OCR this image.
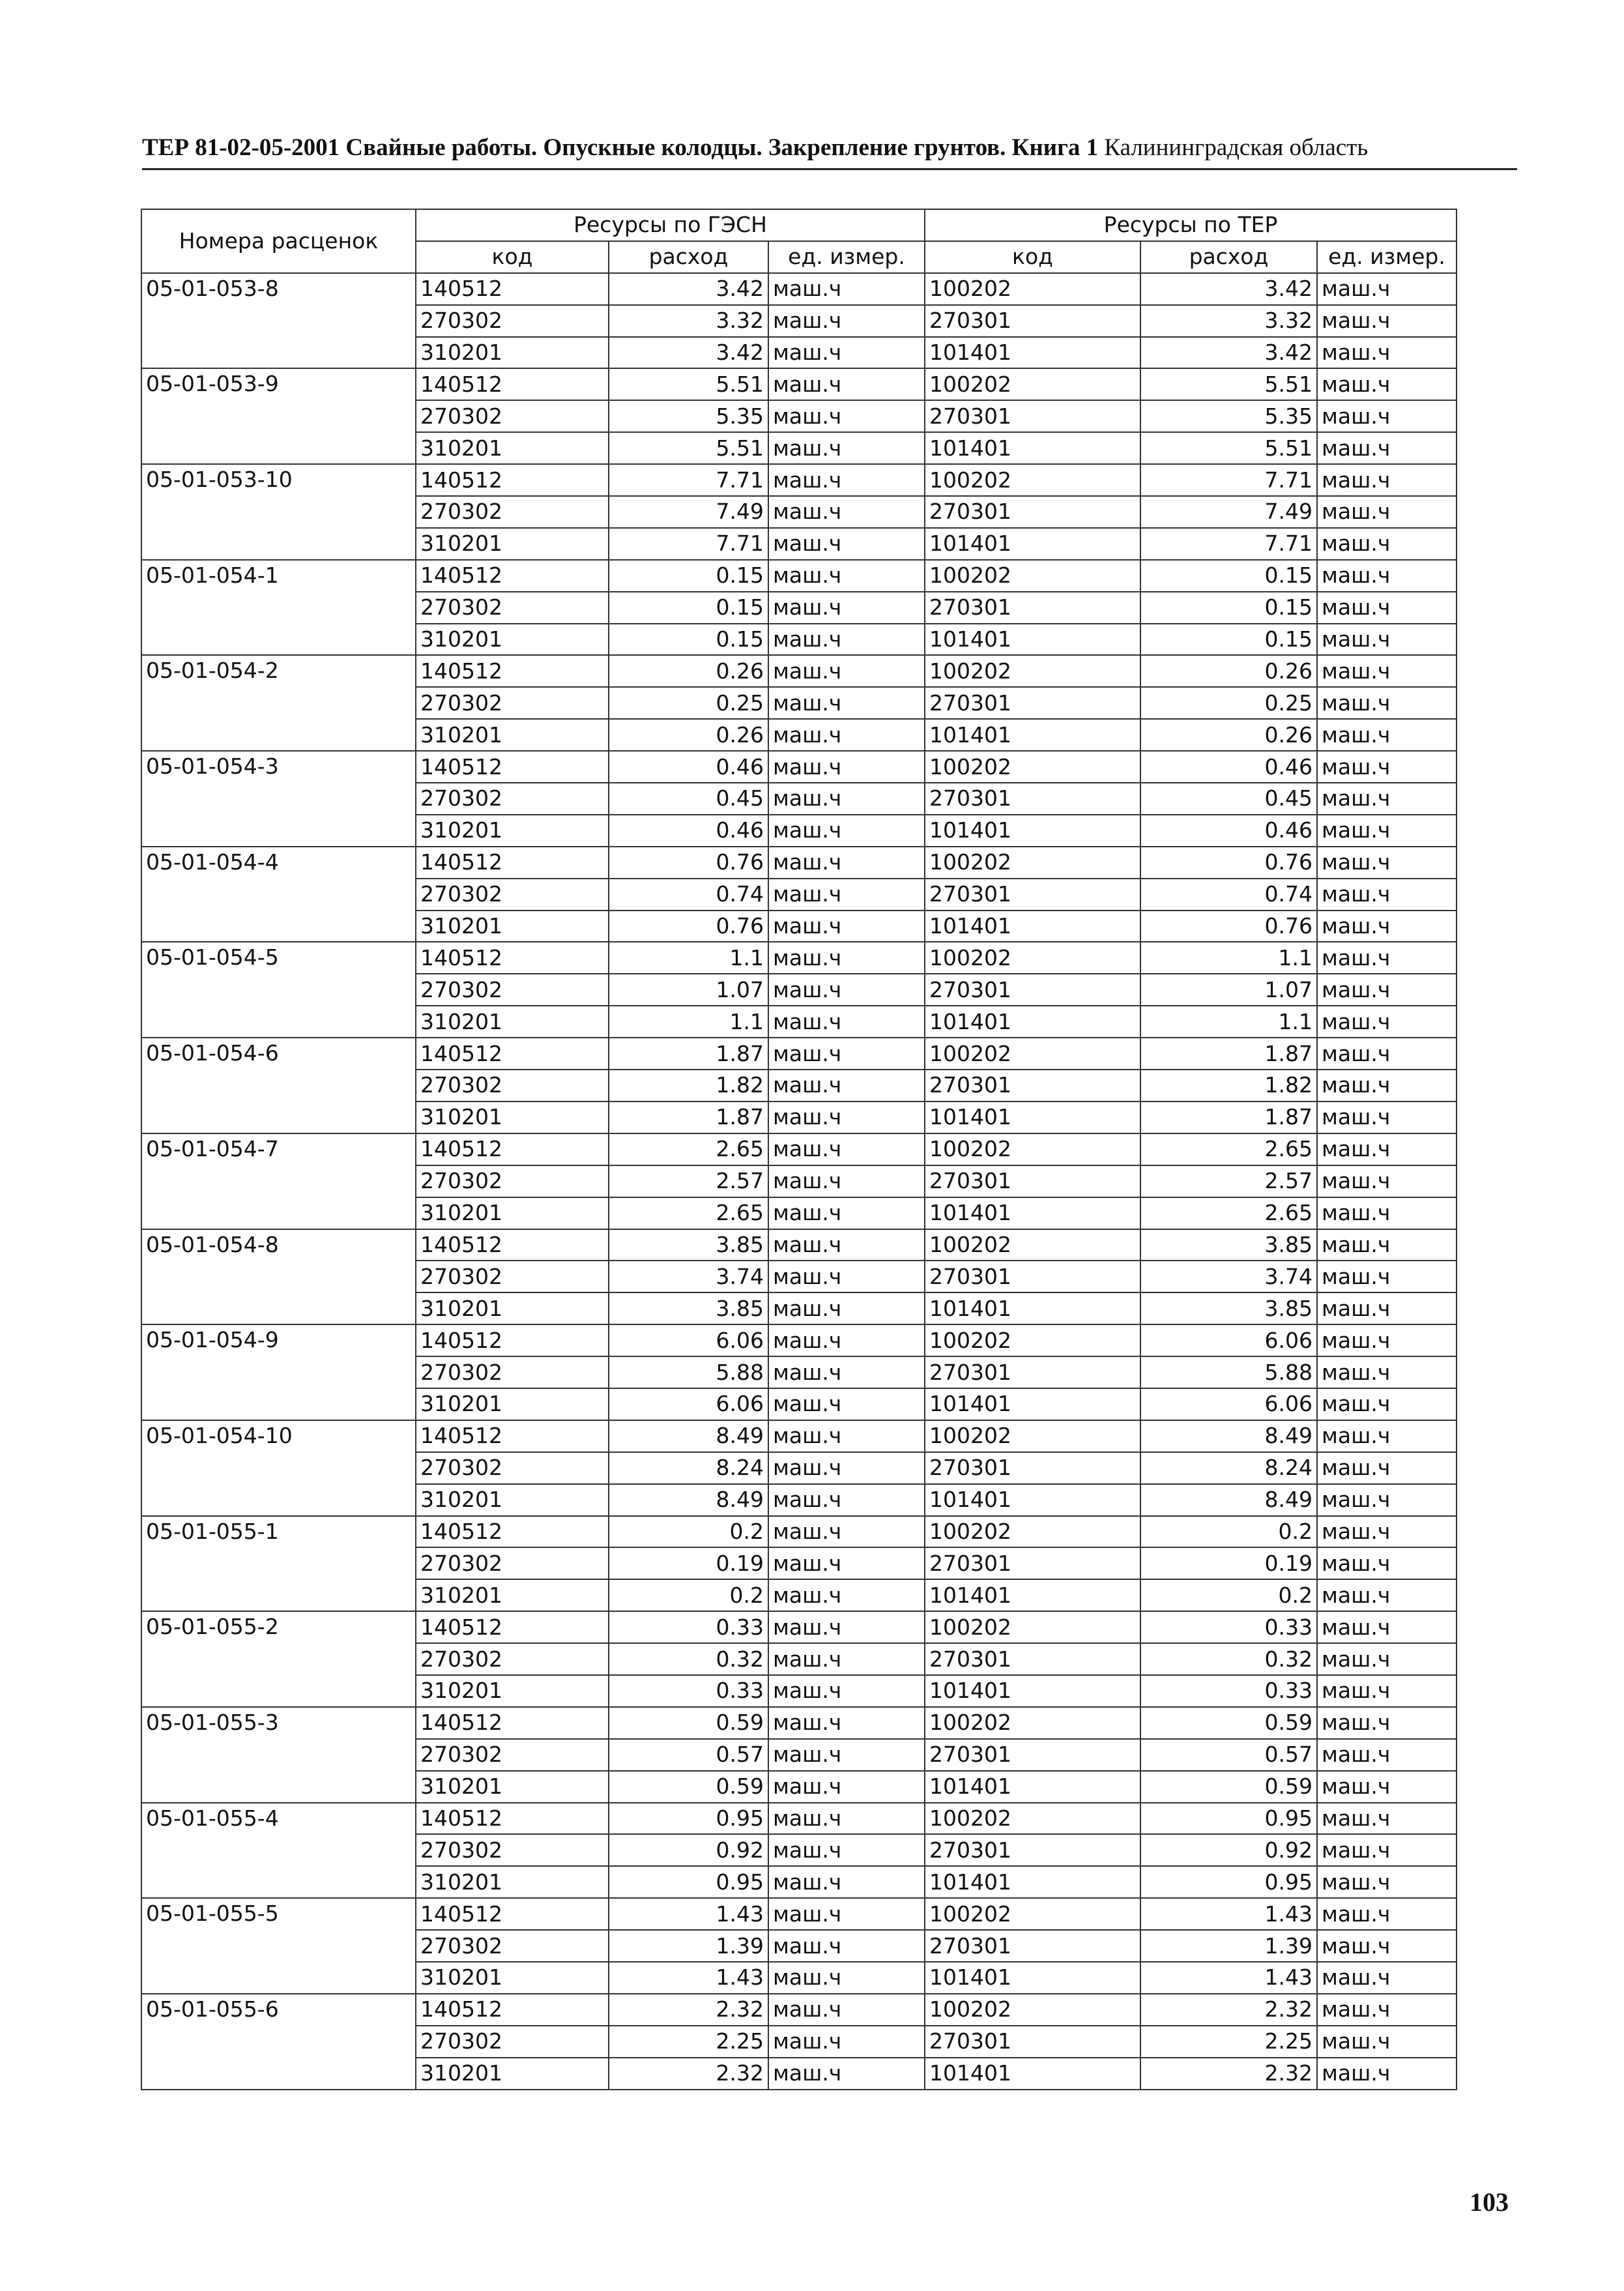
ТЕР 81-02-05-2001 Свайные работы. Опускные колодцы. Закрепление грунтов. Книга 1 Калининградская область
Номера расценок	Ресурсы по ГЭСН			Ресурсы по ТЕР		
	код	расход	ед. измер.	код	расход	ед. измер.
05-01-053-8	140512	3.42	маш.ч	100202	3.42	маш.ч
	270302	3.32	маш.ч	270301	3.32	маш.ч
	310201	3.42	маш.ч	101401	3.42	маш.ч
05-01-053-9	140512	5.51	маш.ч	100202	5.51	маш.ч
	270302	5.35	маш.ч	270301	5.35	маш.ч
	310201	5.51	маш.ч	101401	5.51	маш.ч
05-01-053-10	140512	7.71	маш.ч	100202	7.71	маш.ч
	270302	7.49	маш.ч	270301	7.49	маш.ч
	310201	7.71	маш.ч	101401	7.71	маш.ч
05-01-054-1	140512	0.15	маш.ч	100202	0.15	маш.ч
	270302	0.15	маш.ч	270301	0.15	маш.ч
	310201	0.15	маш.ч	101401	0.15	маш.ч
05-01-054-2	140512	0.26	маш.ч	100202	0.26	маш.ч
	270302	0.25	маш.ч	270301	0.25	маш.ч
	310201	0.26	маш.ч	101401	0.26	маш.ч
05-01-054-3	140512	0.46	маш.ч	100202	0.46	маш.ч
	270302	0.45	маш.ч	270301	0.45	маш.ч
	310201	0.46	маш.ч	101401	0.46	маш.ч
05-01-054-4	140512	0.76	маш.ч	100202	0.76	маш.ч
	270302	0.74	маш.ч	270301	0.74	маш.ч
	310201	0.76	маш.ч	101401	0.76	маш.ч
05-01-054-5	140512	1.1	маш.ч	100202	1.1	маш.ч
	270302	1.07	маш.ч	270301	1.07	маш.ч
	310201	1.1	маш.ч	101401	1.1	маш.ч
05-01-054-6	140512	1.87	маш.ч	100202	1.87	маш.ч
	270302	1.82	маш.ч	270301	1.82	маш.ч
	310201	1.87	маш.ч	101401	1.87	маш.ч
05-01-054-7	140512	2.65	маш.ч	100202	2.65	маш.ч
	270302	2.57	маш.ч	270301	2.57	маш.ч
	310201	2.65	маш.ч	101401	2.65	маш.ч
05-01-054-8	140512	3.85	маш.ч	100202	3.85	маш.ч
	270302	3.74	маш.ч	270301	3.74	маш.ч
	310201	3.85	маш.ч	101401	3.85	маш.ч
05-01-054-9	140512	6.06	маш.ч	100202	6.06	маш.ч
	270302	5.88	маш.ч	270301	5.88	маш.ч
	310201	6.06	маш.ч	101401	6.06	маш.ч
05-01-054-10	140512	8.49	маш.ч	100202	8.49	маш.ч
	270302	8.24	маш.ч	270301	8.24	маш.ч
	310201	8.49	маш.ч	101401	8.49	маш.ч
05-01-055-1	140512	0.2	маш.ч	100202	0.2	маш.ч
	270302	0.19	маш.ч	270301	0.19	маш.ч
	310201	0.2	маш.ч	101401	0.2	маш.ч
05-01-055-2	140512	0.33	маш.ч	100202	0.33	маш.ч
	270302	0.32	маш.ч	270301	0.32	маш.ч
	310201	0.33	маш.ч	101401	0.33	маш.ч
05-01-055-3	140512	0.59	маш.ч	100202	0.59	маш.ч
	270302	0.57	маш.ч	270301	0.57	маш.ч
	310201	0.59	маш.ч	101401	0.59	маш.ч
05-01-055-4	140512	0.95	маш.ч	100202	0.95	маш.ч
	270302	0.92	маш.ч	270301	0.92	маш.ч
	310201	0.95	маш.ч	101401	0.95	маш.ч
05-01-055-5	140512	1.43	маш.ч	100202	1.43	маш.ч
	270302	1.39	маш.ч	270301	1.39	маш.ч
	310201	1.43	маш.ч	101401	1.43	маш.ч
05-01-055-6	140512	2.32	маш.ч	100202	2.32	маш.ч
	270302	2.25	маш.ч	270301	2.25	маш.ч
	310201	2.32	маш.ч	101401	2.32	маш.ч
103
